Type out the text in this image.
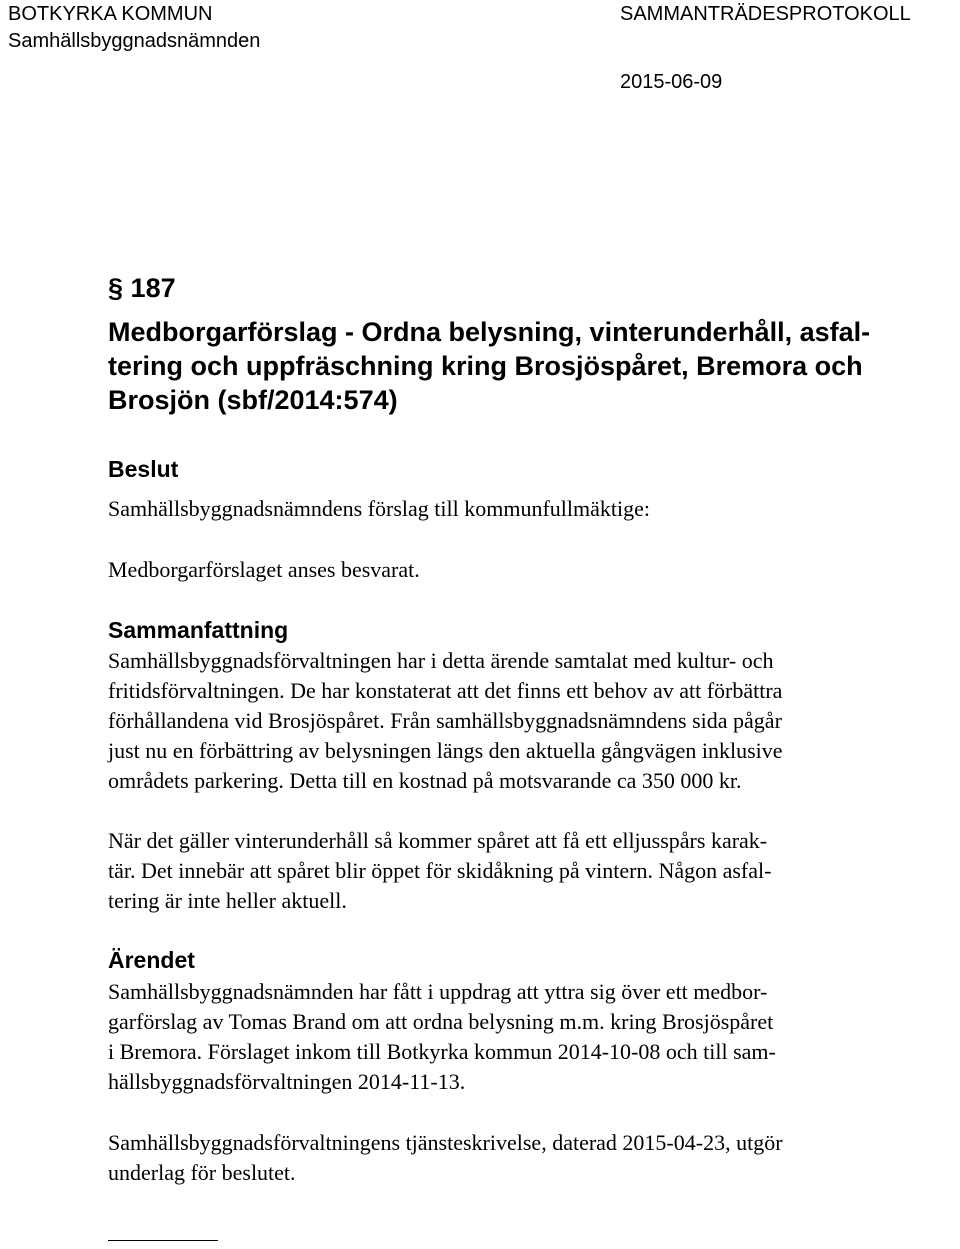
BOTKYRKA KOMMUN
Samhällsbyggnadsnämnden
SAMMANTRÄDESPROTOKOLL
2015-06-09
§ 187
Medborgarförslag - Ordna belysning, vinterunderhåll, asfal-
tering och uppfräschning kring Brosjöspåret, Bremora och
Brosjön (sbf/2014:574)
Beslut
Samhällsbyggnadsnämndens förslag till kommunfullmäktige:
Medborgarförslaget anses besvarat.
Sammanfattning
Samhällsbyggnadsförvaltningen har i detta ärende samtalat med kultur- och
fritidsförvaltningen. De har konstaterat att det finns ett behov av att förbättra
förhållandena vid Brosjöspåret. Från samhällsbyggnadsnämndens sida pågår
just nu en förbättring av belysningen längs den aktuella gångvägen inklusive
områdets parkering. Detta till en kostnad på motsvarande ca 350 000 kr.
När det gäller vinterunderhåll så kommer spåret att få ett elljusspårs karak-
tär. Det innebär att spåret blir öppet för skidåkning på vintern. Någon asfal-
tering är inte heller aktuell.
Ärendet
Samhällsbyggnadsnämnden har fått i uppdrag att yttra sig över ett medbor-
garförslag av Tomas Brand om att ordna belysning m.m. kring Brosjöspåret
i Bremora. Förslaget inkom till Botkyrka kommun 2014-10-08 och till sam-
hällsbyggnadsförvaltningen 2014-11-13.
Samhällsbyggnadsförvaltningens tjänsteskrivelse, daterad 2015-04-23, utgör
underlag för beslutet.
